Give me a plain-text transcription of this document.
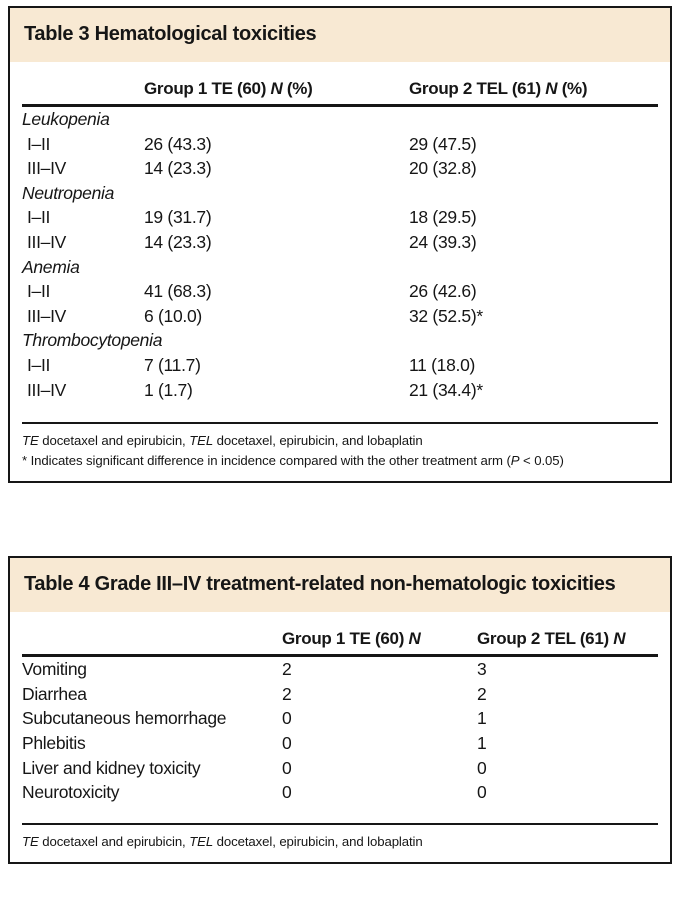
Table 3 Hematological toxicities
Group 1 TE (60) N (%)	Group 2 TEL (61) N (%)
Leukopenia
I–II	26 (43.3)	29 (47.5)
III–IV	14 (23.3)	20 (32.8)
Neutropenia
I–II	19 (31.7)	18 (29.5)
III–IV	14 (23.3)	24 (39.3)
Anemia
I–II	41 (68.3)	26 (42.6)
III–IV	6 (10.0)	32 (52.5)*
Thrombocytopenia
I–II	7 (11.7)	11 (18.0)
III–IV	1 (1.7)	21 (34.4)*
TE docetaxel and epirubicin, TEL docetaxel, epirubicin, and lobaplatin
* Indicates significant difference in incidence compared with the other treatment arm (P < 0.05)
Table 4 Grade III–IV treatment-related non-hematologic toxicities
Group 1 TE (60) N	Group 2 TEL (61) N
Vomiting	2	3
Diarrhea	2	2
Subcutaneous hemorrhage	0	1
Phlebitis	0	1
Liver and kidney toxicity	0	0
Neurotoxicity	0	0
TE docetaxel and epirubicin, TEL docetaxel, epirubicin, and lobaplatin
